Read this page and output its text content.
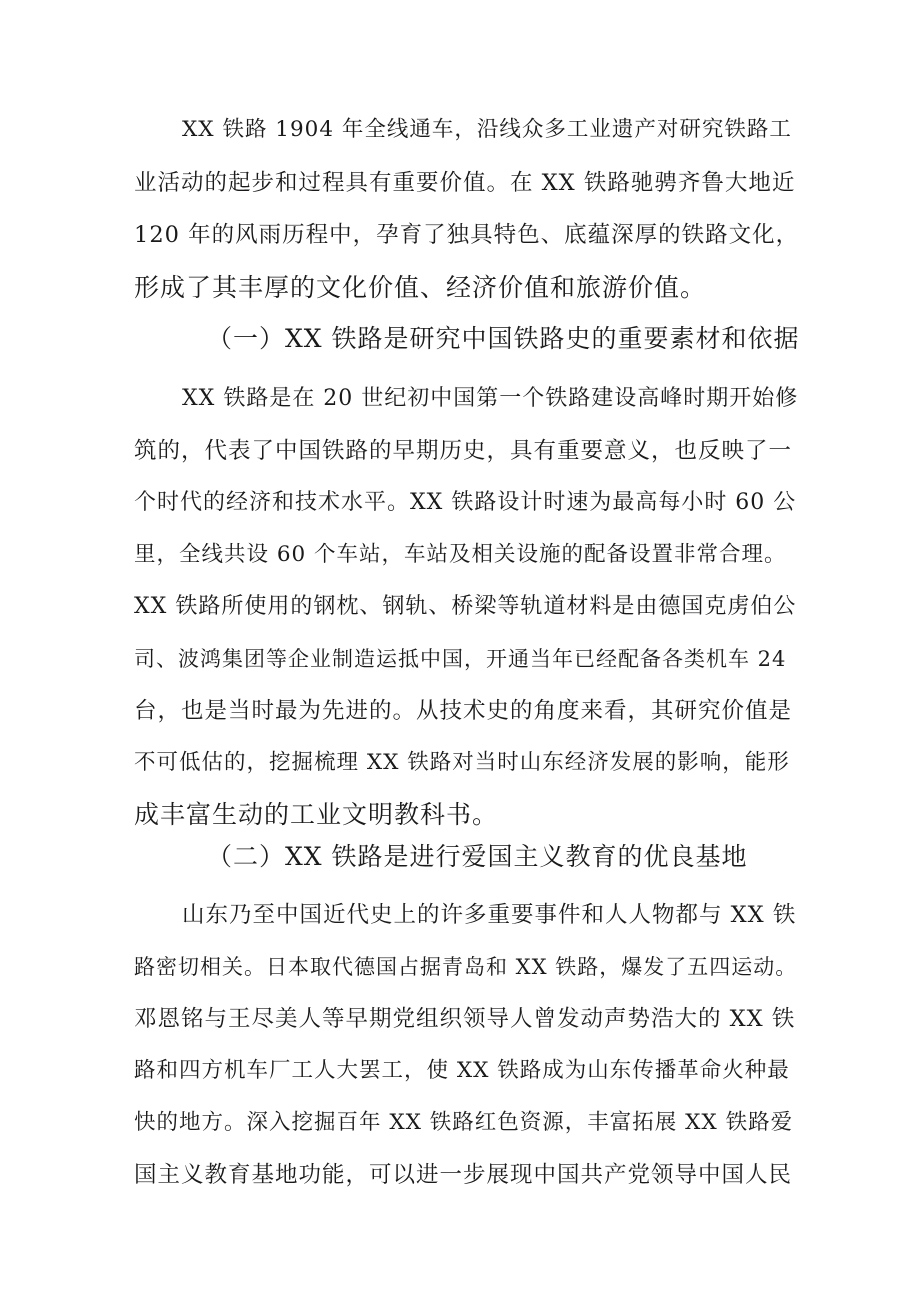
XX 铁路 1904 年全线通车，沿线众多工业遗产对研究铁路工
业活动的起步和过程具有重要价值。在 XX 铁路驰骋齐鲁大地近
120 年的风雨历程中，孕育了独具特色、底蕴深厚的铁路文化，
形成了其丰厚的文化价值、经济价值和旅游价值。
（一）XX 铁路是研究中国铁路史的重要素材和依据
XX 铁路是在 20 世纪初中国第一个铁路建设高峰时期开始修
筑的，代表了中国铁路的早期历史，具有重要意义，也反映了一
个时代的经济和技术水平。XX 铁路设计时速为最高每小时 60 公
里，全线共设 60 个车站，车站及相关设施的配备设置非常合理。
XX 铁路所使用的钢枕、钢轨、桥梁等轨道材料是由德国克虏伯公
司、波鸿集团等企业制造运抵中国，开通当年已经配备各类机车 24
台，也是当时最为先进的。从技术史的角度来看，其研究价值是
不可低估的，挖掘梳理 XX 铁路对当时山东经济发展的影响，能形
成丰富生动的工业文明教科书。
（二）XX 铁路是进行爱国主义教育的优良基地
山东乃至中国近代史上的许多重要事件和人人物都与 XX 铁
路密切相关。日本取代德国占据青岛和 XX 铁路，爆发了五四运动。
邓恩铭与王尽美人等早期党组织领导人曾发动声势浩大的 XX 铁
路和四方机车厂工人大罢工，使 XX 铁路成为山东传播革命火种最
快的地方。深入挖掘百年 XX 铁路红色资源，丰富拓展 XX 铁路爱
国主义教育基地功能，可以进一步展现中国共产党领导中国人民
